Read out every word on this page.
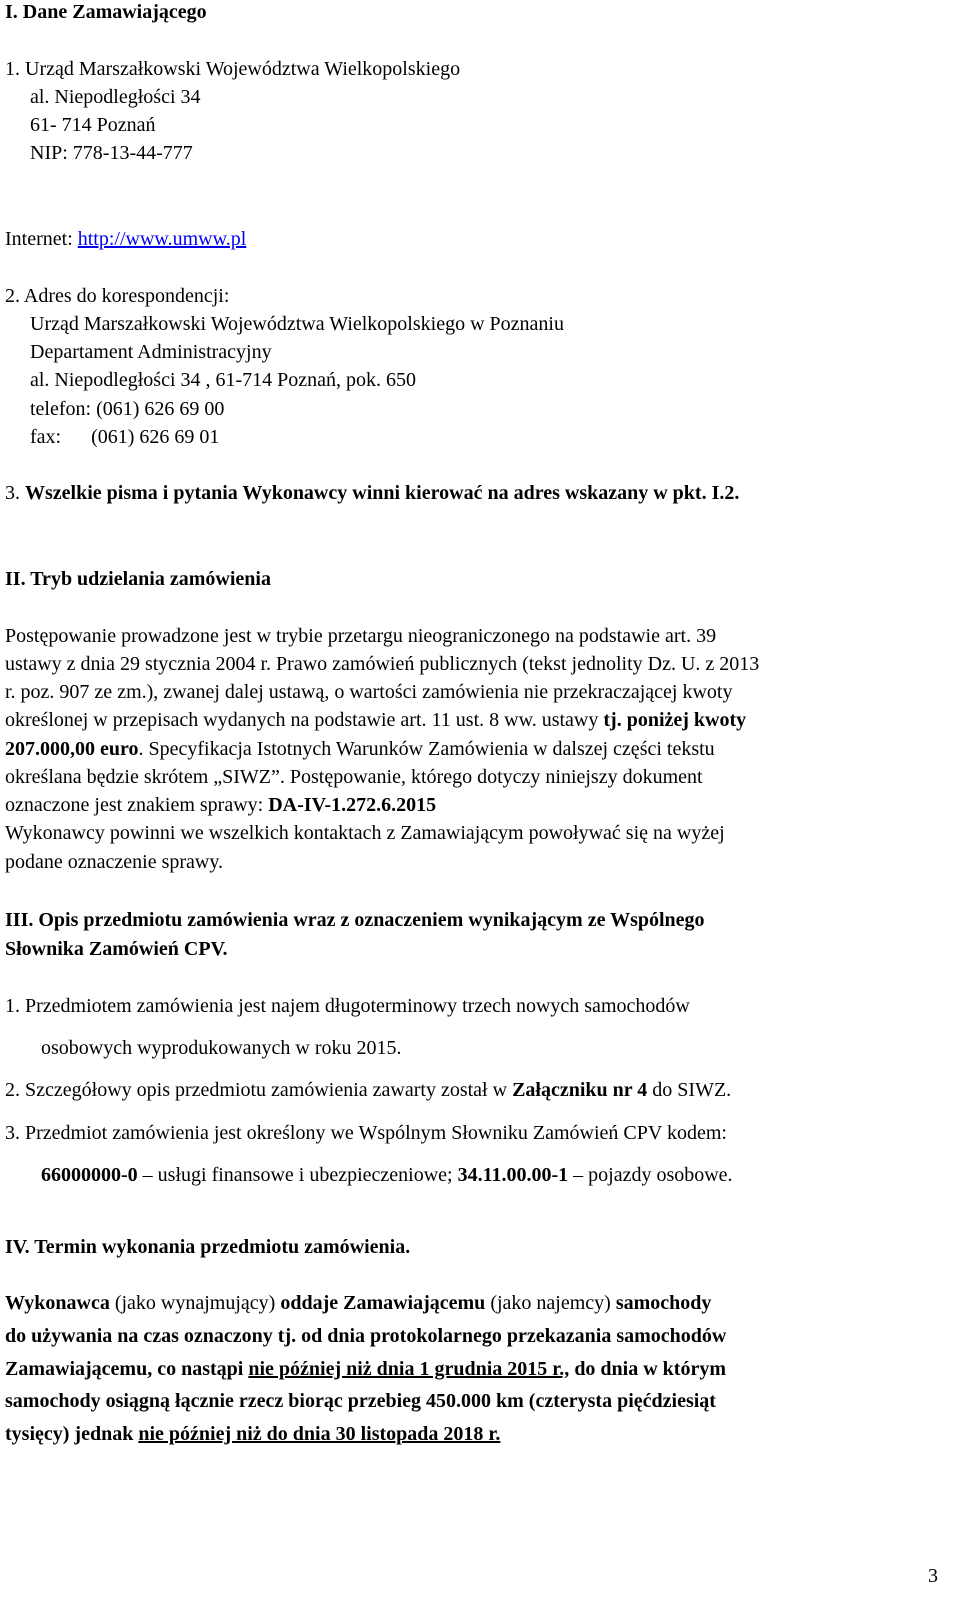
I. Dane Zamawiającego
1. Urząd Marszałkowski Województwa Wielkopolskiego
al. Niepodległości 34
61- 714 Poznań
NIP: 778-13-44-777
Internet: http://www.umww.pl
2. Adres do korespondencji:
Urząd Marszałkowski Województwa Wielkopolskiego w Poznaniu
Departament Administracyjny
al. Niepodległości 34 , 61-714 Poznań, pok. 650
telefon: (061) 626 69 00
fax:      (061) 626 69 01
3. Wszelkie pisma i pytania Wykonawcy winni kierować na adres wskazany w pkt. I.2.
II. Tryb udzielania zamówienia
Postępowanie prowadzone jest w trybie przetargu nieograniczonego na podstawie art. 39
ustawy z dnia 29 stycznia 2004 r. Prawo zamówień publicznych (tekst jednolity Dz. U. z 2013
r. poz. 907 ze zm.), zwanej dalej ustawą, o wartości zamówienia nie przekraczającej kwoty
określonej w przepisach wydanych na podstawie art. 11 ust. 8 ww. ustawy tj. poniżej kwoty
207.000,00 euro. Specyfikacja Istotnych Warunków Zamówienia w dalszej części tekstu
określana będzie skrótem „SIWZ”. Postępowanie, którego dotyczy niniejszy dokument
oznaczone jest znakiem sprawy: DA-IV-1.272.6.2015
Wykonawcy powinni we wszelkich kontaktach z Zamawiającym powoływać się na wyżej
podane oznaczenie sprawy.
III. Opis przedmiotu zamówienia wraz z oznaczeniem wynikającym ze Wspólnego
Słownika Zamówień CPV.
1. Przedmiotem zamówienia jest najem długoterminowy trzech nowych samochodów
osobowych wyprodukowanych w roku 2015.
2. Szczegółowy opis przedmiotu zamówienia zawarty został w Załączniku nr 4 do SIWZ.
3. Przedmiot zamówienia jest określony we Wspólnym Słowniku Zamówień CPV kodem:
66000000-0 – usługi finansowe i ubezpieczeniowe; 34.11.00.00-1 – pojazdy osobowe.
IV. Termin wykonania przedmiotu zamówienia.
Wykonawca (jako wynajmujący) oddaje Zamawiającemu (jako najemcy) samochody
do używania na czas oznaczony tj. od dnia protokolarnego przekazania samochodów
Zamawiającemu, co nastąpi nie później niż dnia 1 grudnia 2015 r., do dnia w którym
samochody osiągną łącznie rzecz biorąc przebieg 450.000 km (czterysta pięćdziesiąt
tysięcy) jednak nie później niż do dnia 30 listopada 2018 r.
3
